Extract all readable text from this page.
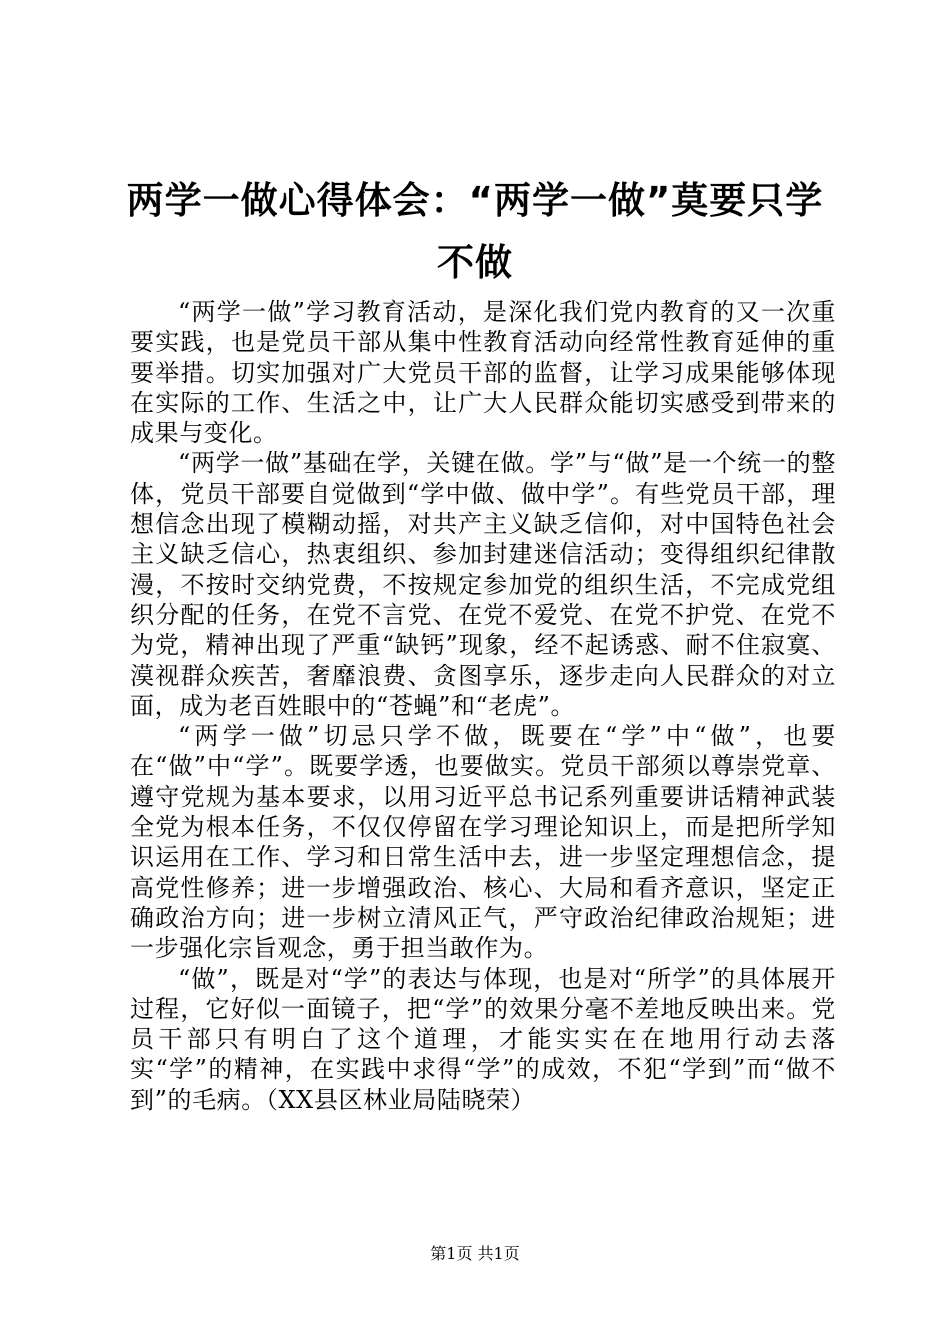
两学一做心得体会：“两学一做”莫要只学不做

“两学一做”学习教育活动，是深化我们党内教育的又一次重要实践，也是党员干部从集中性教育活动向经常性教育延伸的重要举措。切实加强对广大党员干部的监督，让学习成果能够体现在实际的工作、生活之中，让广大人民群众能切实感受到带来的成果与变化。

“两学一做”基础在学，关键在做。学”与“做”是一个统一的整体，党员干部要自觉做到“学中做、做中学”。有些党员干部，理想信念出现了模糊动摇，对共产主义缺乏信仰，对中国特色社会主义缺乏信心，热衷组织、参加封建迷信活动；变得组织纪律散漫，不按时交纳党费，不按规定参加党的组织生活，不完成党组织分配的任务，在党不言党、在党不爱党、在党不护党、在党不为党，精神出现了严重“缺钙”现象，经不起诱惑、耐不住寂寞、漠视群众疾苦，奢靡浪费、贪图享乐，逐步走向人民群众的对立面，成为老百姓眼中的“苍蝇”和“老虎”。

“两学一做”切忌只学不做，既要在“学”中“做”，也要在“做”中“学”。既要学透，也要做实。党员干部须以尊崇党章、遵守党规为基本要求，以用习近平总书记系列重要讲话精神武装全党为根本任务，不仅仅停留在学习理论知识上，而是把所学知识运用在工作、学习和日常生活中去，进一步坚定理想信念，提高党性修养；进一步增强政治、核心、大局和看齐意识，坚定正确政治方向；进一步树立清风正气，严守政治纪律政治规矩；进一步强化宗旨观念，勇于担当敢作为。

“做”，既是对“学”的表达与体现，也是对“所学”的具体展开过程，它好似一面镜子，把“学”的效果分毫不差地反映出来。党员干部只有明白了这个道理，才能实实在在地用行动去落实“学”的精神，在实践中求得“学”的成效，不犯“学到”而“做不到”的毛病。（XX县区林业局陆晓荣）

第1页 共1页
